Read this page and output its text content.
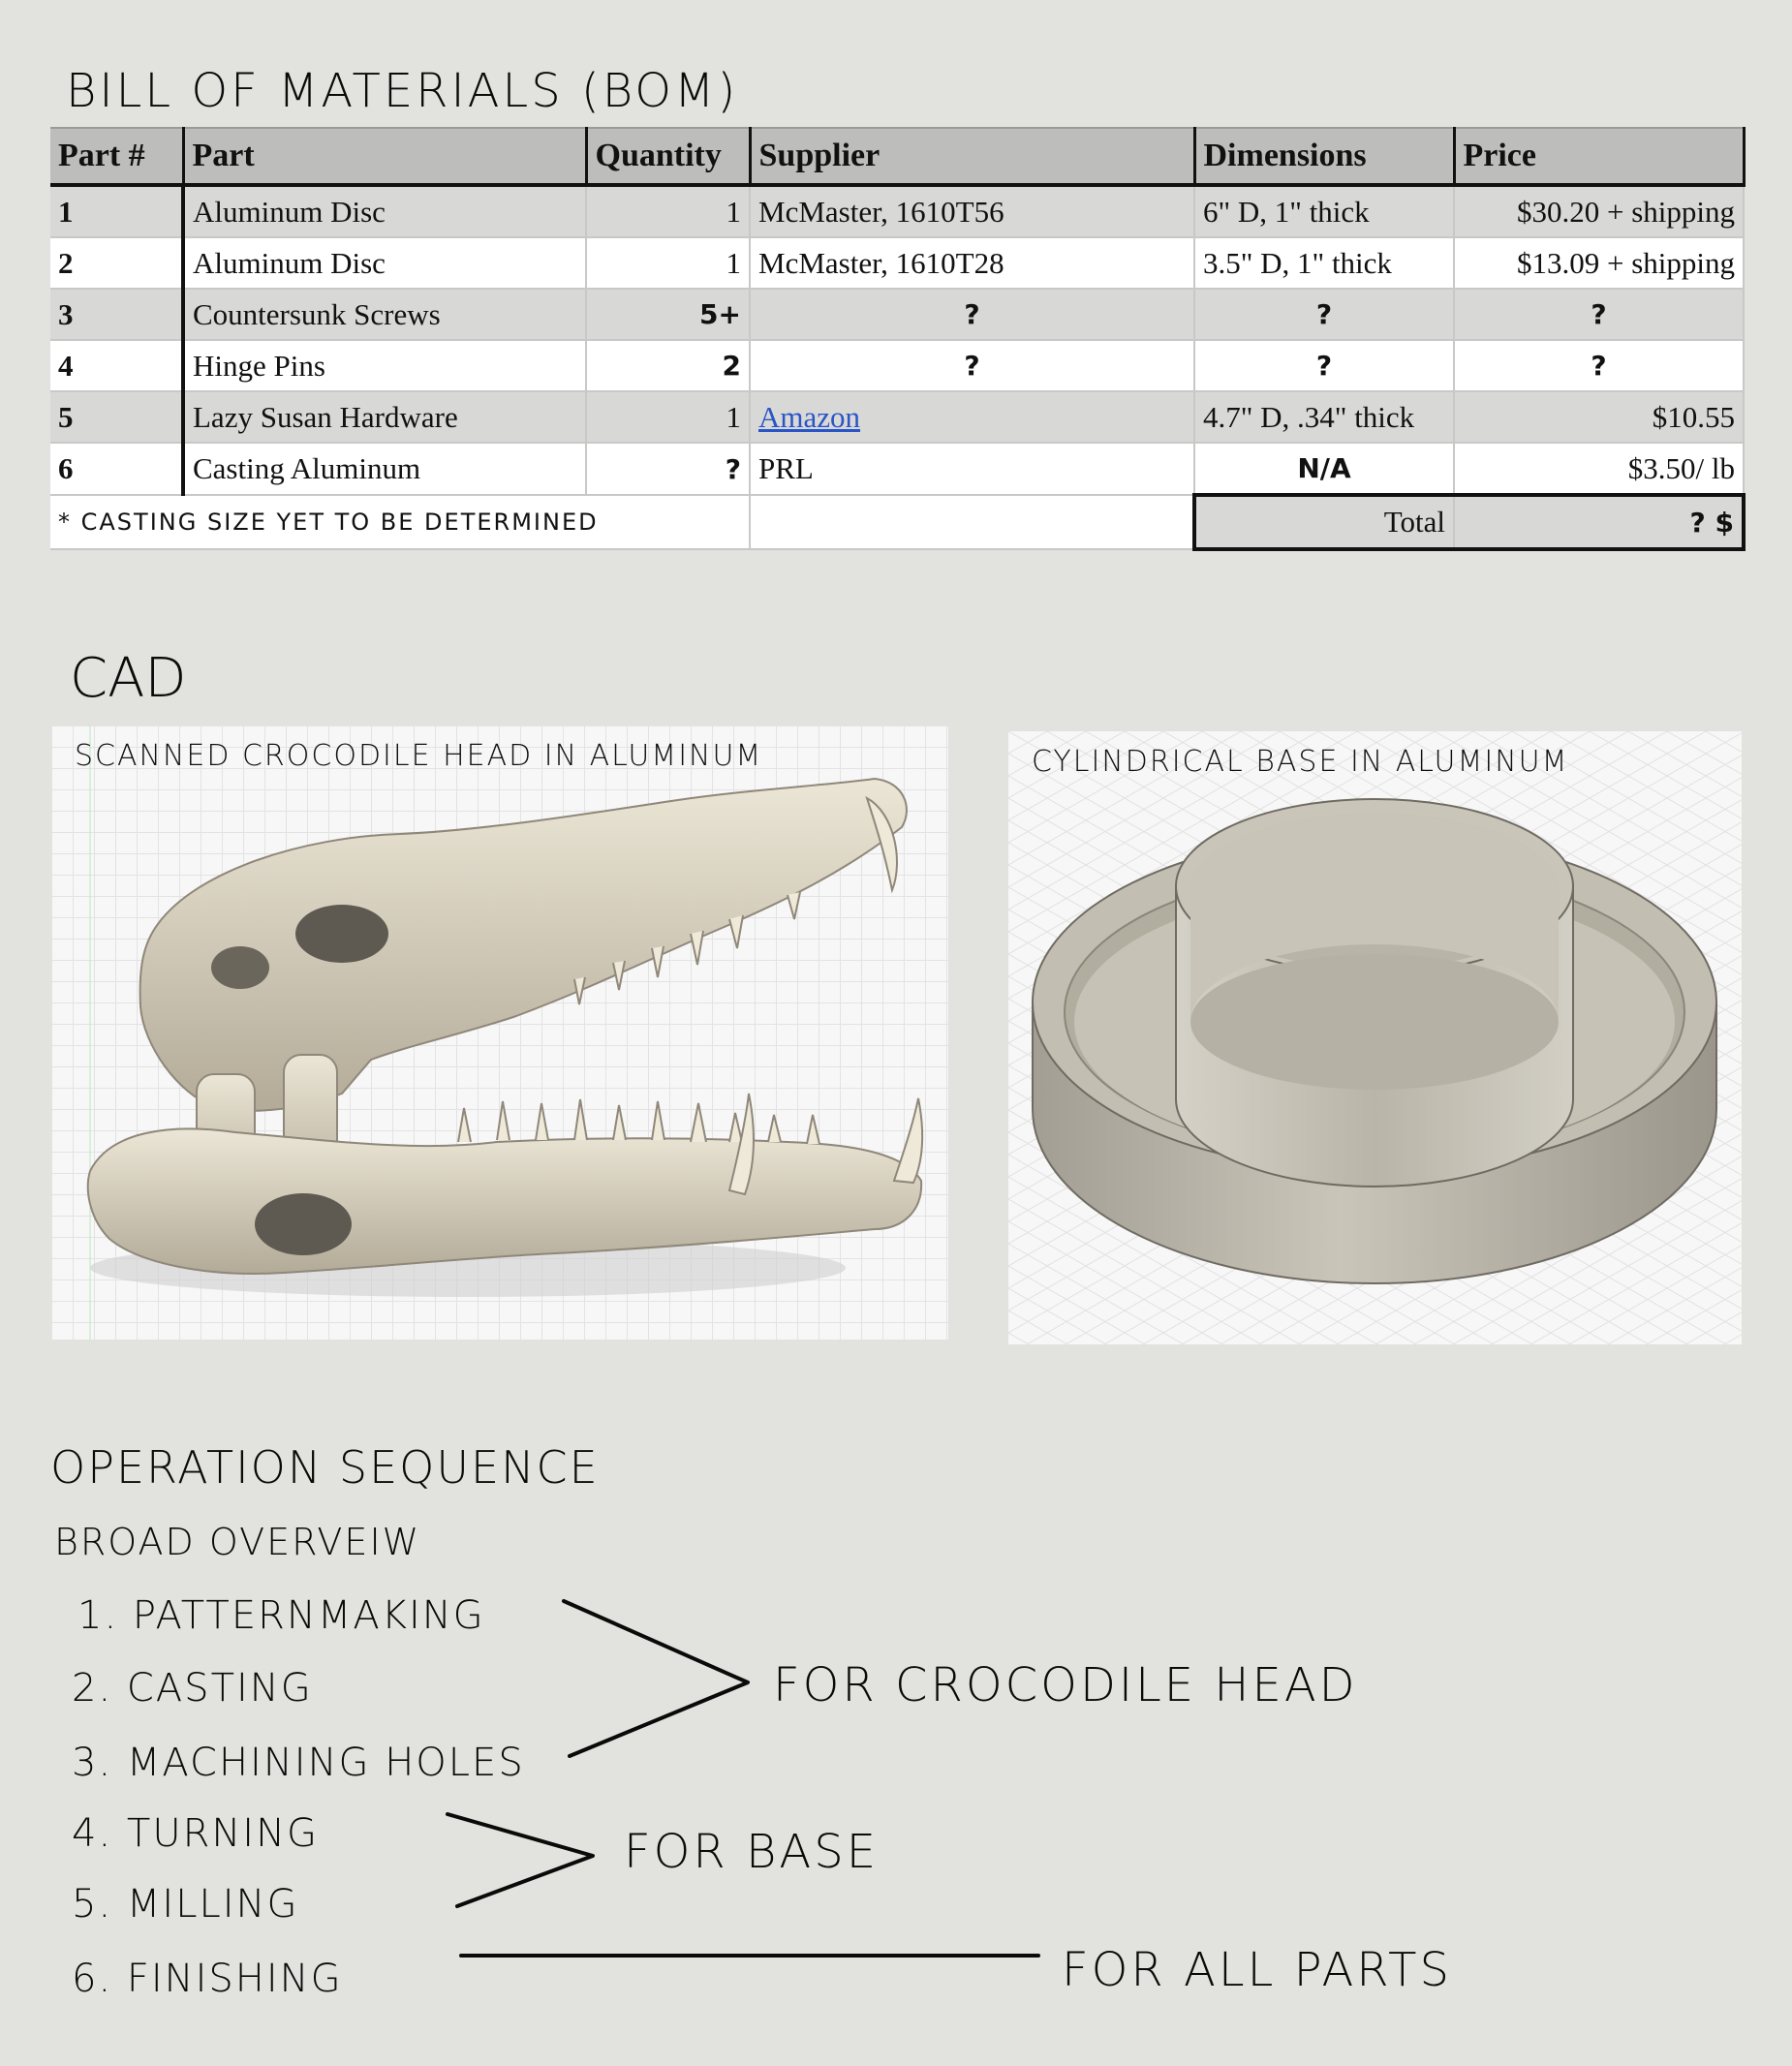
BILL OF MATERIALS (BOM)
Part #	Part	Quantity	Supplier	Dimensions	Price
1	Aluminum Disc	1	McMaster, 1610T56	6" D, 1" thick	$30.20 + shipping
2	Aluminum Disc	1	McMaster, 1610T28	3.5" D, 1" thick	$13.09 + shipping
3	Countersunk Screws	5+	?	?	?
4	Hinge Pins	2	?	?	?
5	Lazy Susan Hardware	1	Amazon	4.7" D, .34" thick	$10.55
6	Casting Aluminum	?	PRL	N/A	$3.50/ lb
* CASTING SIZE YET TO BE DETERMINED				Total	? $
CAD
SCANNED CROCODILE HEAD IN ALUMINUM	CYLINDRICAL BASE IN ALUMINUM
OPERATION SEQUENCE
BROAD OVERVEIW
1. PATTERNMAKING
2. CASTING
3. MACHINING HOLES
4. TURNING
5. MILLING
6. FINISHING
FOR CROCODILE HEAD
FOR BASE
FOR ALL PARTS
